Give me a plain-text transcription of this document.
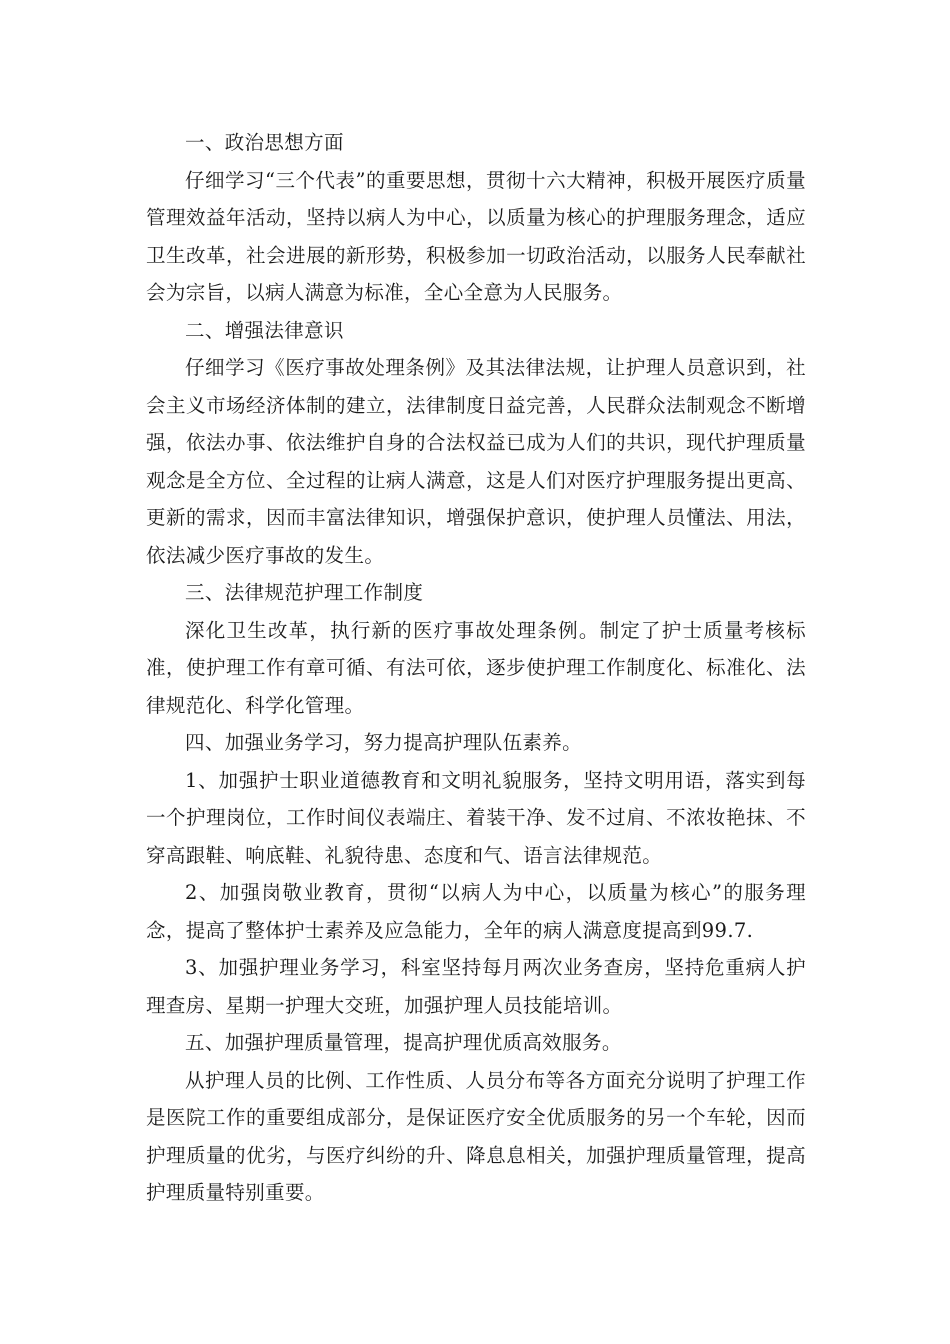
一、政治思想方面

仔细学习“三个代表”的重要思想，贯彻十六大精神，积极开展医疗质量管理效益年活动，坚持以病人为中心，以质量为核心的护理服务理念，适应卫生改革，社会进展的新形势，积极参加一切政治活动，以服务人民奉献社会为宗旨，以病人满意为标准，全心全意为人民服务。

二、增强法律意识

仔细学习《医疗事故处理条例》及其法律法规，让护理人员意识到，社会主义市场经济体制的建立，法律制度日益完善，人民群众法制观念不断增强，依法办事、依法维护自身的合法权益已成为人们的共识，现代护理质量观念是全方位、全过程的让病人满意，这是人们对医疗护理服务提出更高、更新的需求，因而丰富法律知识，增强保护意识，使护理人员懂法、用法，依法减少医疗事故的发生。

三、法律规范护理工作制度

深化卫生改革，执行新的医疗事故处理条例。制定了护士质量考核标准，使护理工作有章可循、有法可依，逐步使护理工作制度化、标准化、法律规范化、科学化管理。

四、加强业务学习，努力提高护理队伍素养。

1、加强护士职业道德教育和文明礼貌服务，坚持文明用语，落实到每一个护理岗位，工作时间仪表端庄、着装干净、发不过肩、不浓妆艳抹、不穿高跟鞋、响底鞋、礼貌待患、态度和气、语言法律规范。

2、加强岗敬业教育，贯彻“以病人为中心，以质量为核心”的服务理念，提高了整体护士素养及应急能力，全年的病人满意度提高到99.7.

3、加强护理业务学习，科室坚持每月两次业务查房，坚持危重病人护理查房、星期一护理大交班，加强护理人员技能培训。

五、加强护理质量管理，提高护理优质高效服务。

从护理人员的比例、工作性质、人员分布等各方面充分说明了护理工作是医院工作的重要组成部分，是保证医疗安全优质服务的另一个车轮，因而护理质量的优劣，与医疗纠纷的升、降息息相关，加强护理质量管理，提高护理质量特别重要。
